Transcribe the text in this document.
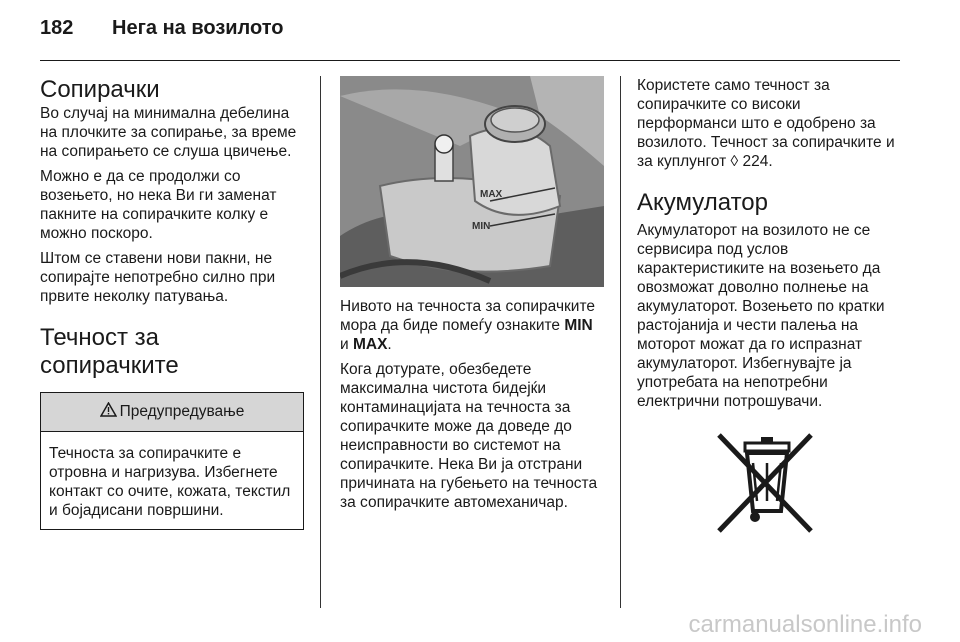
182 Нега на возилото
Сопирачки

Во случај на минимална дебелина на плочките за сопирање, за време на сопирањето се слуша цвичење.

Можно е да се продолжи со возењето, но нека Ви ги заменат пакните на сопирачките колку е можно поскоро.

Штом се ставени нови пакни, не сопирајте непотребно силно при првите неколку патувања.

Течност за сопирачките
Предупредување

Течноста за сопирачките е отровна и нагризува. Избегнете контакт со очите, кожата, текстил и бојадисани површини.

MAX
MIN

Нивото на течноста за сопирачките мора да биде помеѓу ознаките MIN и MAX.

Кога дотурате, обезбедете максимална чистота бидејќи контаминацијата на течноста за сопирачките може да доведе до неисправности во системот на сопирачките. Нека Ви ја отстрани причината на губењето на течноста за сопирачките автомеханичар.

Користете само течност за сопирачките со високи перформанси што е одобрено за возилото. Течност за сопирачките и за куплунгот ◊ 224.

Акумулатор

Акумулаторот на возилото не се сервисира под услов карактеристиките на возењето да овозможат доволно полнење на акумулаторот. Возењето по кратки растојанија и чести палења на моторот можат да го испразнат акумулаторот. Избегнувајте ја употребата на непотребни електрични потрошувачи.

carmanualsonline.info
